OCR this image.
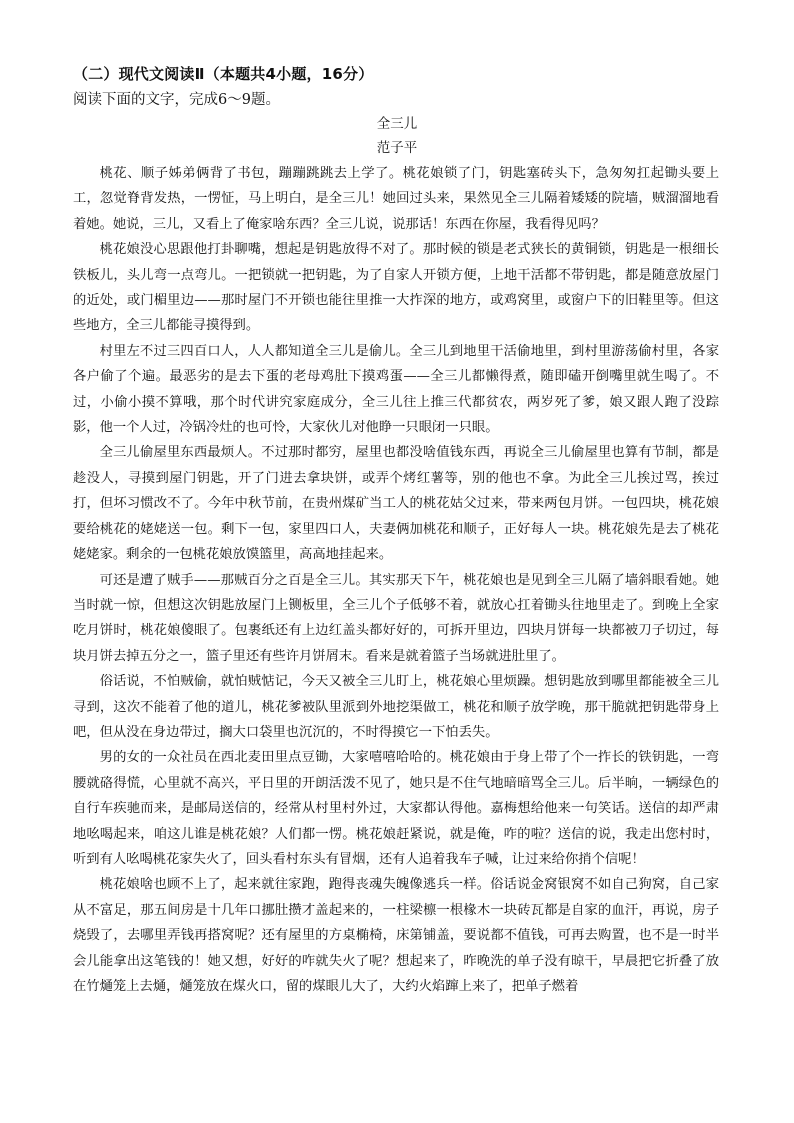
（二）现代文阅读Ⅱ（本题共4小题，16分）
阅读下面的文字，完成6～9题。
全三儿
范子平

桃花、顺子姊弟俩背了书包，蹦蹦跳跳去上学了。桃花娘锁了门，钥匙塞砖头下，急匆匆扛起锄头要上工，忽觉脊背发热，一愣怔，马上明白，是全三儿！她回过头来，果然见全三儿隔着矮矮的院墙，贼溜溜地看着她。她说，三儿，又看上了俺家啥东西？全三儿说，说那话！东西在你屋，我看得见吗？

桃花娘没心思跟他打卦聊嘴，想起是钥匙放得不对了。那时候的锁是老式狭长的黄铜锁，钥匙是一根细长铁板儿，头儿弯一点弯儿。一把锁就一把钥匙，为了自家人开锁方便，上地干活都不带钥匙，都是随意放屋门的近处，或门楣里边——那时屋门不开锁也能往里推一大拃深的地方，或鸡窝里，或窗户下的旧鞋里等。但这些地方，全三儿都能寻摸得到。

村里左不过三四百口人，人人都知道全三儿是偷儿。全三儿到地里干活偷地里，到村里游荡偷村里，各家各户偷了个遍。最恶劣的是去下蛋的老母鸡肚下摸鸡蛋——全三儿都懒得煮，随即磕开倒嘴里就生喝了。不过，小偷小摸不算哦，那个时代讲究家庭成分，全三儿往上推三代都贫农，两岁死了爹，娘又跟人跑了没踪影，他一个人过，冷锅冷灶的也可怜，大家伙儿对他睁一只眼闭一只眼。

全三儿偷屋里东西最烦人。不过那时都穷，屋里也都没啥值钱东西，再说全三儿偷屋里也算有节制，都是趁没人，寻摸到屋门钥匙，开了门进去拿块饼，或弄个烤红薯等，别的他也不拿。为此全三儿挨过骂，挨过打，但坏习惯改不了。今年中秋节前，在贵州煤矿当工人的桃花姑父过来，带来两包月饼。一包四块，桃花娘要给桃花的姥姥送一包。剩下一包，家里四口人，夫妻俩加桃花和顺子，正好每人一块。桃花娘先是去了桃花姥姥家。剩余的一包桃花娘放馍篮里，高高地挂起来。

可还是遭了贼手——那贼百分之百是全三儿。其实那天下午，桃花娘也是见到全三儿隔了墙斜眼看她。她当时就一惊，但想这次钥匙放屋门上铡板里，全三儿个子低够不着，就放心扛着锄头往地里走了。到晚上全家吃月饼时，桃花娘傻眼了。包裹纸还有上边红盖头都好好的，可拆开里边，四块月饼每一块都被刀子切过，每块月饼去掉五分之一，篮子里还有些许月饼屑末。看来是就着篮子当场就进肚里了。

俗话说，不怕贼偷，就怕贼惦记，今天又被全三儿盯上，桃花娘心里烦躁。想钥匙放到哪里都能被全三儿寻到，这次不能着了他的道儿，桃花爹被队里派到外地挖渠做工，桃花和顺子放学晚，那干脆就把钥匙带身上吧，但从没在身边带过，搁大口袋里也沉沉的，不时得摸它一下怕丢失。

男的女的一众社员在西北麦田里点豆锄，大家嘻嘻哈哈的。桃花娘由于身上带了个一拃长的铁钥匙，一弯腰就硌得慌，心里就不高兴，平日里的开朗活泼不见了，她只是不住气地暗暗骂全三儿。后半晌，一辆绿色的自行车疾驰而来，是邮局送信的，经常从村里村外过，大家都认得他。嘉梅想给他来一句笑话。送信的却严肃地吆喝起来，咱这儿谁是桃花娘？人们都一愣。桃花娘赶紧说，就是俺，咋的啦？送信的说，我走出您村时，听到有人吆喝桃花家失火了，回头看村东头有冒烟，还有人追着我车子喊，让过来给你捎个信呢！

桃花娘啥也顾不上了，起来就往家跑，跑得丧魂失魄像逃兵一样。俗话说金窝银窝不如自己狗窝，自己家从不富足，那五间房是十几年口挪肚攒才盖起来的，一柱梁檩一根椽木一块砖瓦都是自家的血汗，再说，房子烧毁了，去哪里弄钱再搭窝呢？还有屋里的方桌椭椅，床第铺盖，要说都不值钱，可再去购置，也不是一时半会儿能拿出这笔钱的！她又想，好好的咋就失火了呢？想起来了，昨晚洗的单子没有晾干，早晨把它折叠了放在竹熥笼上去熥，熥笼放在煤火口，留的煤眼儿大了，大约火焰蹿上来了，把单子燃着
